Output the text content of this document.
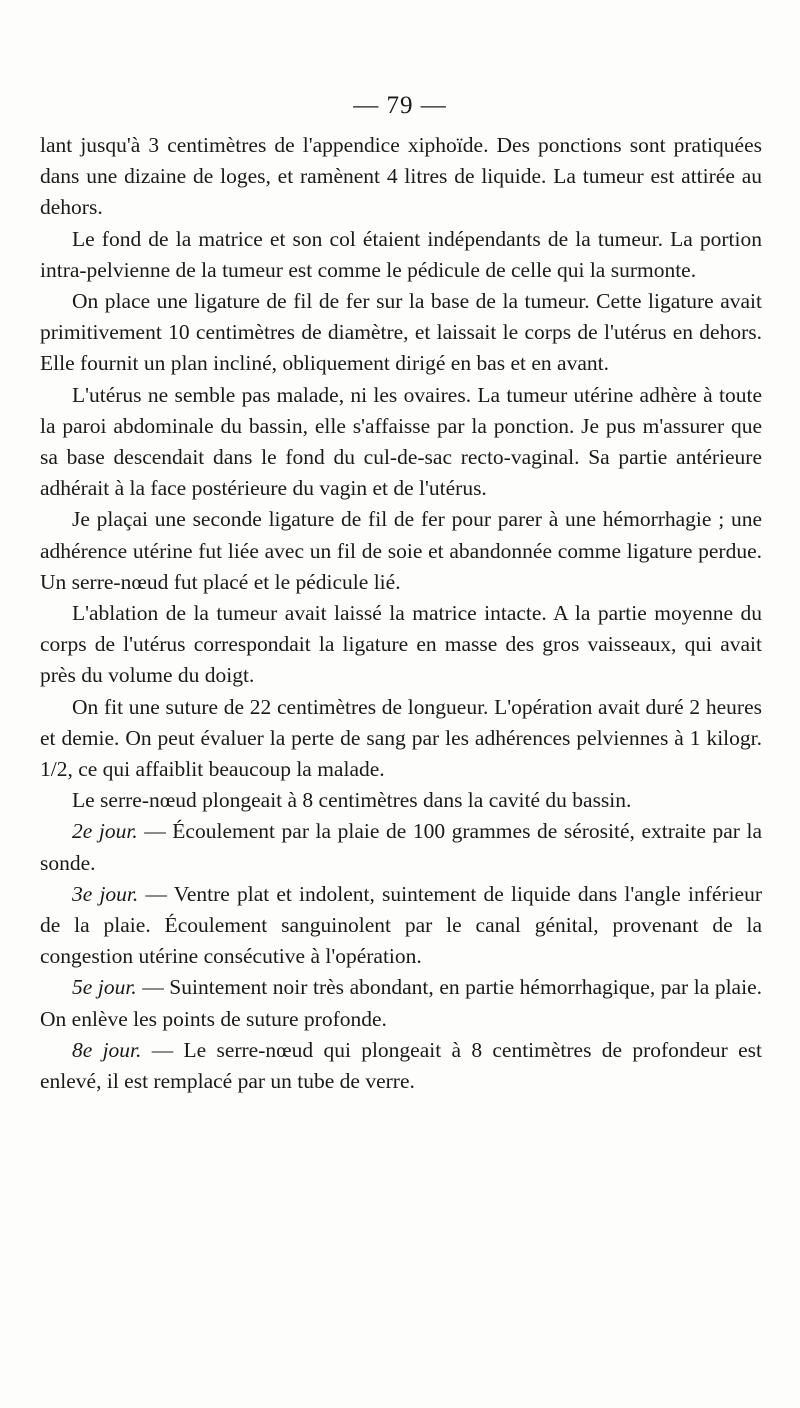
— 79 —

lant jusqu'à 3 centimètres de l'appendice xiphoïde. Des ponctions sont pratiquées dans une dizaine de loges, et ramènent 4 litres de liquide. La tumeur est attirée au dehors.

Le fond de la matrice et son col étaient indépendants de la tumeur. La portion intra-pelvienne de la tumeur est comme le pédicule de celle qui la surmonte.

On place une ligature de fil de fer sur la base de la tumeur. Cette ligature avait primitivement 10 centimètres de diamètre, et laissait le corps de l'utérus en dehors. Elle fournit un plan incliné, obliquement dirigé en bas et en avant.

L'utérus ne semble pas malade, ni les ovaires. La tumeur utérine adhère à toute la paroi abdominale du bassin, elle s'affaisse par la ponction. Je pus m'assurer que sa base descendait dans le fond du cul-de-sac recto-vaginal. Sa partie antérieure adhérait à la face postérieure du vagin et de l'utérus.

Je plaçai une seconde ligature de fil de fer pour parer à une hémorrhagie ; une adhérence utérine fut liée avec un fil de soie et abandonnée comme ligature perdue. Un serre-nœud fut placé et le pédicule lié.

L'ablation de la tumeur avait laissé la matrice intacte. A la partie moyenne du corps de l'utérus correspondait la ligature en masse des gros vaisseaux, qui avait près du volume du doigt.

On fit une suture de 22 centimètres de longueur. L'opération avait duré 2 heures et demie. On peut évaluer la perte de sang par les adhérences pelviennes à 1 kilogr. 1/2, ce qui affaiblit beaucoup la malade.

Le serre-nœud plongeait à 8 centimètres dans la cavité du bassin.

2e jour. — Écoulement par la plaie de 100 grammes de sérosité, extraite par la sonde.

3e jour. — Ventre plat et indolent, suintement de liquide dans l'angle inférieur de la plaie. Écoulement sanguinolent par le canal génital, provenant de la congestion utérine consécutive à l'opération.

5e jour. — Suintement noir très abondant, en partie hémorrhagique, par la plaie. On enlève les points de suture profonde.

8e jour. — Le serre-nœud qui plongeait à 8 centimètres de profondeur est enlevé, il est remplacé par un tube de verre.
